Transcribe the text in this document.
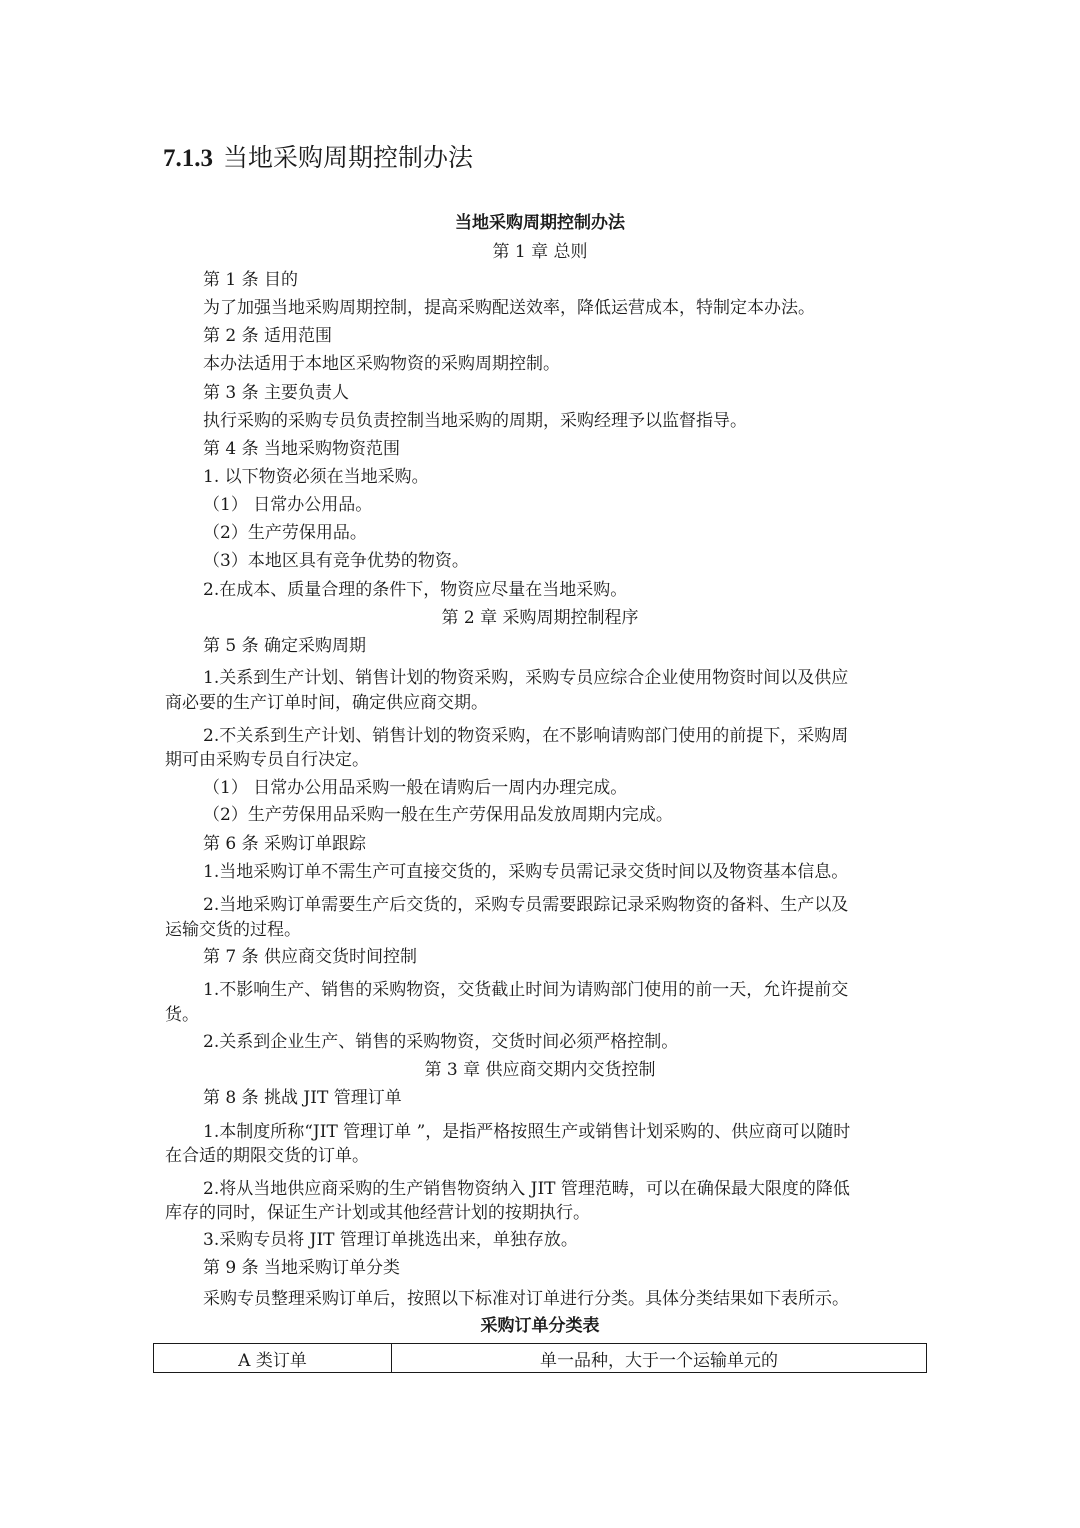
7.1.3 当地采购周期控制办法

当地采购周期控制办法

第 1 章 总则

第 1 条 目的

为了加强当地采购周期控制，提高采购配送效率，降低运营成本，特制定本办法。

第 2 条 适用范围

本办法适用于本地区采购物资的采购周期控制。

第 3 条 主要负责人

执行采购的采购专员负责控制当地采购的周期，采购经理予以监督指导。

第 4 条 当地采购物资范围

1. 以下物资必须在当地采购。

（1） 日常办公用品。

（2）生产劳保用品。

（3）本地区具有竞争优势的物资。

2.在成本、质量合理的条件下，物资应尽量在当地采购。

第 2 章 采购周期控制程序

第 5 条 确定采购周期

1.关系到生产计划、销售计划的物资采购，采购专员应综合企业使用物资时间以及供应

商必要的生产订单时间，确定供应商交期。

2.不关系到生产计划、销售计划的物资采购，在不影响请购部门使用的前提下，采购周

期可由采购专员自行决定。

（1） 日常办公用品采购一般在请购后一周内办理完成。

（2）生产劳保用品采购一般在生产劳保用品发放周期内完成。

第 6 条 采购订单跟踪

1.当地采购订单不需生产可直接交货的，采购专员需记录交货时间以及物资基本信息。

2.当地采购订单需要生产后交货的，采购专员需要跟踪记录采购物资的备料、生产以及

运输交货的过程。

第 7 条 供应商交货时间控制

1.不影响生产、销售的采购物资，交货截止时间为请购部门使用的前一天，允许提前交

货。

2.关系到企业生产、销售的采购物资，交货时间必须严格控制。

第 3 章 供应商交期内交货控制

第 8 条 挑战 JIT 管理订单

1.本制度所称“JIT 管理订单 ”，是指严格按照生产或销售计划采购的、供应商可以随时

在合适的期限交货的订单。

2.将从当地供应商采购的生产销售物资纳入 JIT 管理范畴，可以在确保最大限度的降低

库存的同时，保证生产计划或其他经营计划的按期执行。

3.采购专员将 JIT 管理订单挑选出来，单独存放。

第 9 条 当地采购订单分类

采购专员整理采购订单后，按照以下标准对订单进行分类。具体分类结果如下表所示。

采购订单分类表

A 类订单	单一品种，大于一个运输单元的
